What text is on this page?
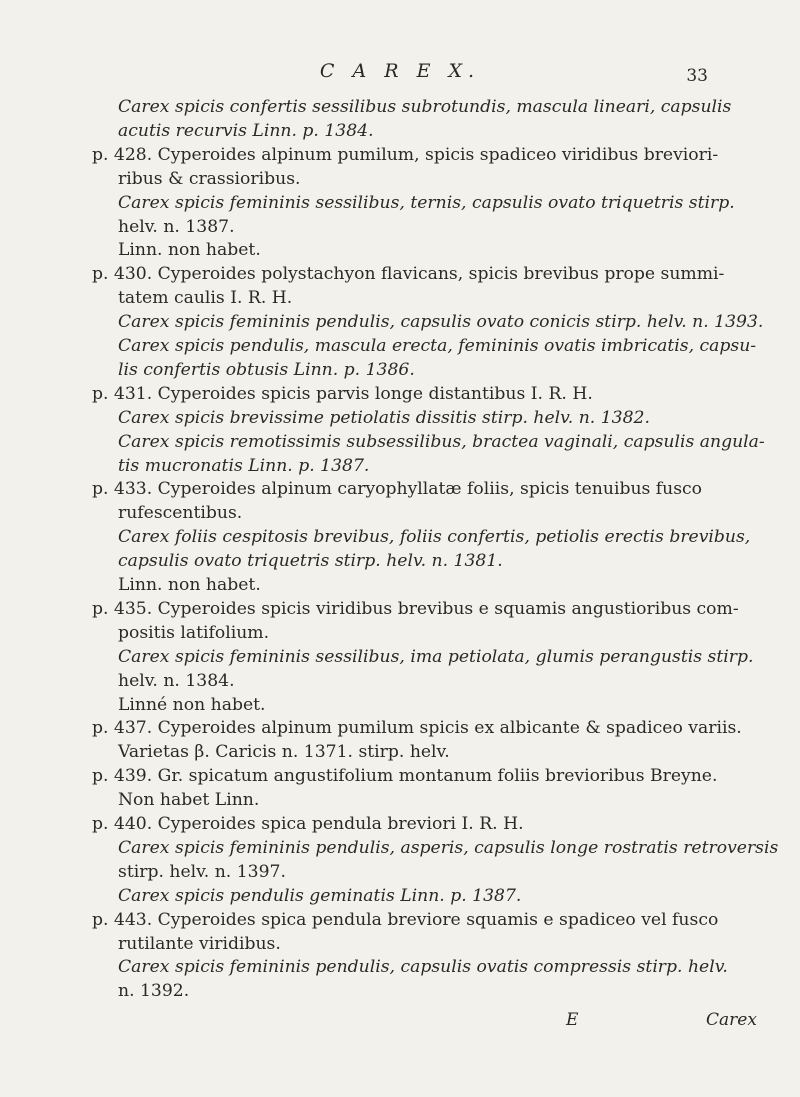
C A R E X.	33
Carex spicis confertis sessilibus subrotundis, mascula lineari, capsulis
acutis recurvis Linn. p. 1384.
p. 428. Cyperoides alpinum pumilum, spicis spadiceo viridibus breviori-
ribus & crassioribus.
Carex spicis femininis sessilibus, ternis, capsulis ovato triquetris stirp.
helv. n. 1387.
Linn. non habet.
p. 430. Cyperoides polystachyon flavicans, spicis brevibus prope summi-
tatem caulis I. R. H.
Carex spicis femininis pendulis, capsulis ovato conicis stirp. helv. n. 1393.
Carex spicis pendulis, mascula erecta, femininis ovatis imbricatis, capsu-
lis confertis obtusis Linn. p. 1386.
p. 431. Cyperoides spicis parvis longe distantibus I. R. H.
Carex spicis brevissime petiolatis dissitis stirp. helv. n. 1382.
Carex spicis remotissimis subsessilibus, bractea vaginali, capsulis angula-
tis mucronatis Linn. p. 1387.
p. 433. Cyperoides alpinum caryophyllatæ foliis, spicis tenuibus fusco
rufescentibus.
Carex foliis cespitosis brevibus, foliis confertis, petiolis erectis brevibus,
capsulis ovato triquetris stirp. helv. n. 1381.
Linn. non habet.
p. 435. Cyperoides spicis viridibus brevibus e squamis angustioribus com-
positis latifolium.
Carex spicis femininis sessilibus, ima petiolata, glumis perangustis stirp.
helv. n. 1384.
Linné non habet.
p. 437. Cyperoides alpinum pumilum spicis ex albicante & spadiceo variis.
Varietas β. Caricis n. 1371. stirp. helv.
p. 439. Gr. spicatum angustifolium montanum foliis brevioribus Breyne.
Non habet Linn.
p. 440. Cyperoides spica pendula breviori I. R. H.
Carex spicis femininis pendulis, asperis, capsulis longe rostratis retroversis
stirp. helv. n. 1397.
Carex spicis pendulis geminatis Linn. p. 1387.
p. 443. Cyperoides spica pendula breviore squamis e spadiceo vel fusco
rutilante viridibus.
Carex spicis femininis pendulis, capsulis ovatis compressis stirp. helv.
n. 1392.
E	Carex
